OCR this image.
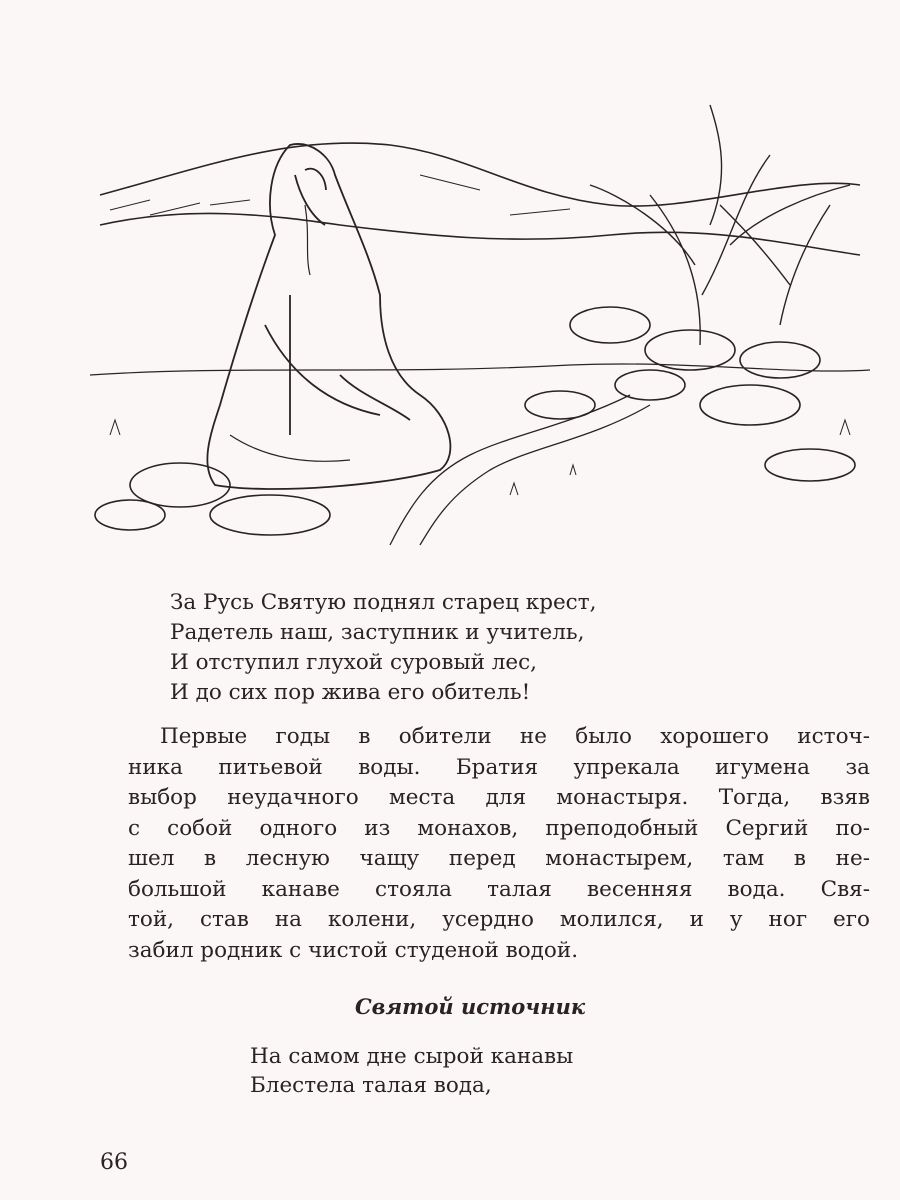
За Русь Святую поднял старец крест,
Радетель наш, заступник и учитель,
И отступил глухой суровый лес,
И до сих пор жива его обитель!
Первые годы в обители не было хорошего источ-
ника питьевой воды. Братия упрекала игумена за
выбор неудачного места для монастыря. Тогда, взяв
с собой одного из монахов, преподобный Сергий по-
шел в лесную чащу перед монастырем, там в не-
большой канаве стояла талая весенняя вода. Свя-
той, став на колени, усердно молился, и у ног его
забил родник с чистой студеной водой.
Святой источник
На самом дне сырой канавы
Блестела талая вода,
66
